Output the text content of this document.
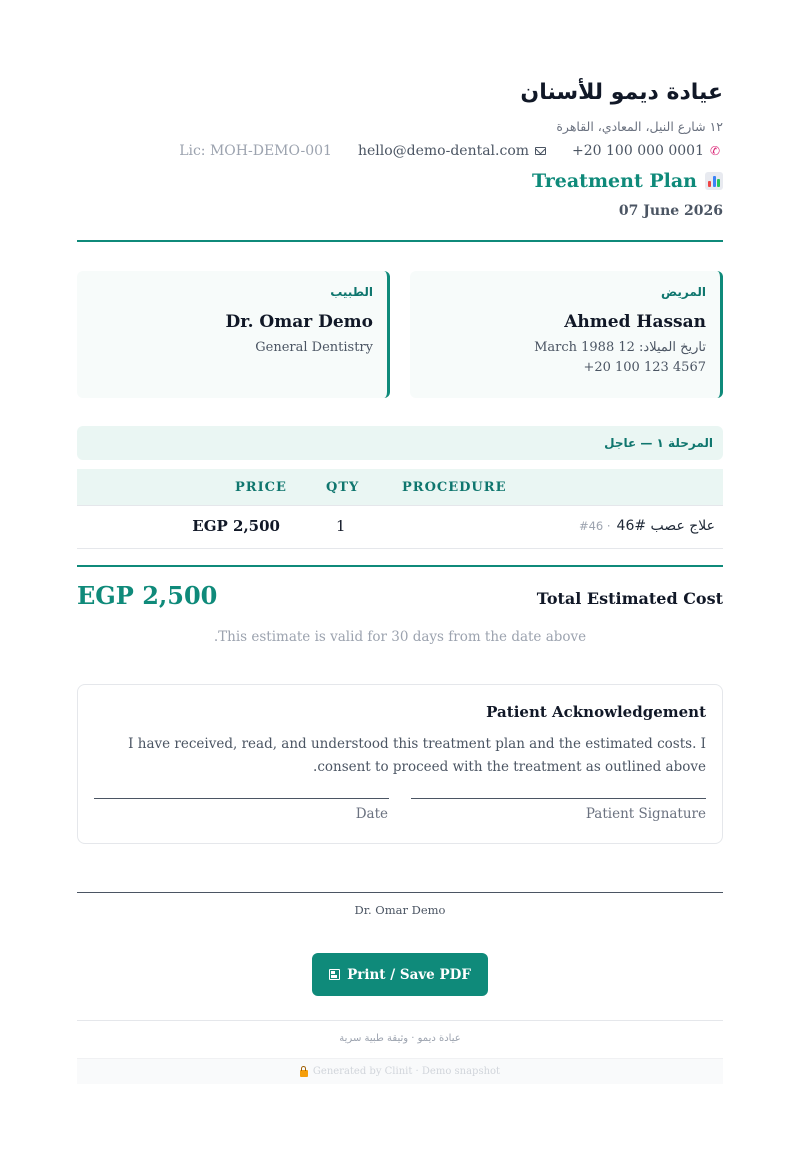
عيادة ديمو للأسنان
١٢ شارع النيل، المعادي، القاهرة
✆
+20 100 000 0001
hello@demo-dental.com
Lic: MOH-DEMO-001
Treatment Plan
07 June 2026
المريض
Ahmed Hassan
تاريخ الميلاد: 12 March 1988
+20 100 123 4567
الطبيب
Dr. Omar Demo
General Dentistry
المرحلة ١ — عاجل
PROCEDURE
QTY
PRICE
علاج عصب #46
· #46
1
EGP 2,500
EGP 2,500	Total Estimated Cost
This estimate is valid for 30 days from the date above.
Patient Acknowledgement
I have received, read, and understood this treatment plan and the estimated costs. I consent to proceed with the treatment as outlined above.
Patient Signature
Date
Dr. Omar Demo
Print / Save PDF
عيادة ديمو · وثيقة طبية سرية
Generated by Clinit · Demo snapshot
